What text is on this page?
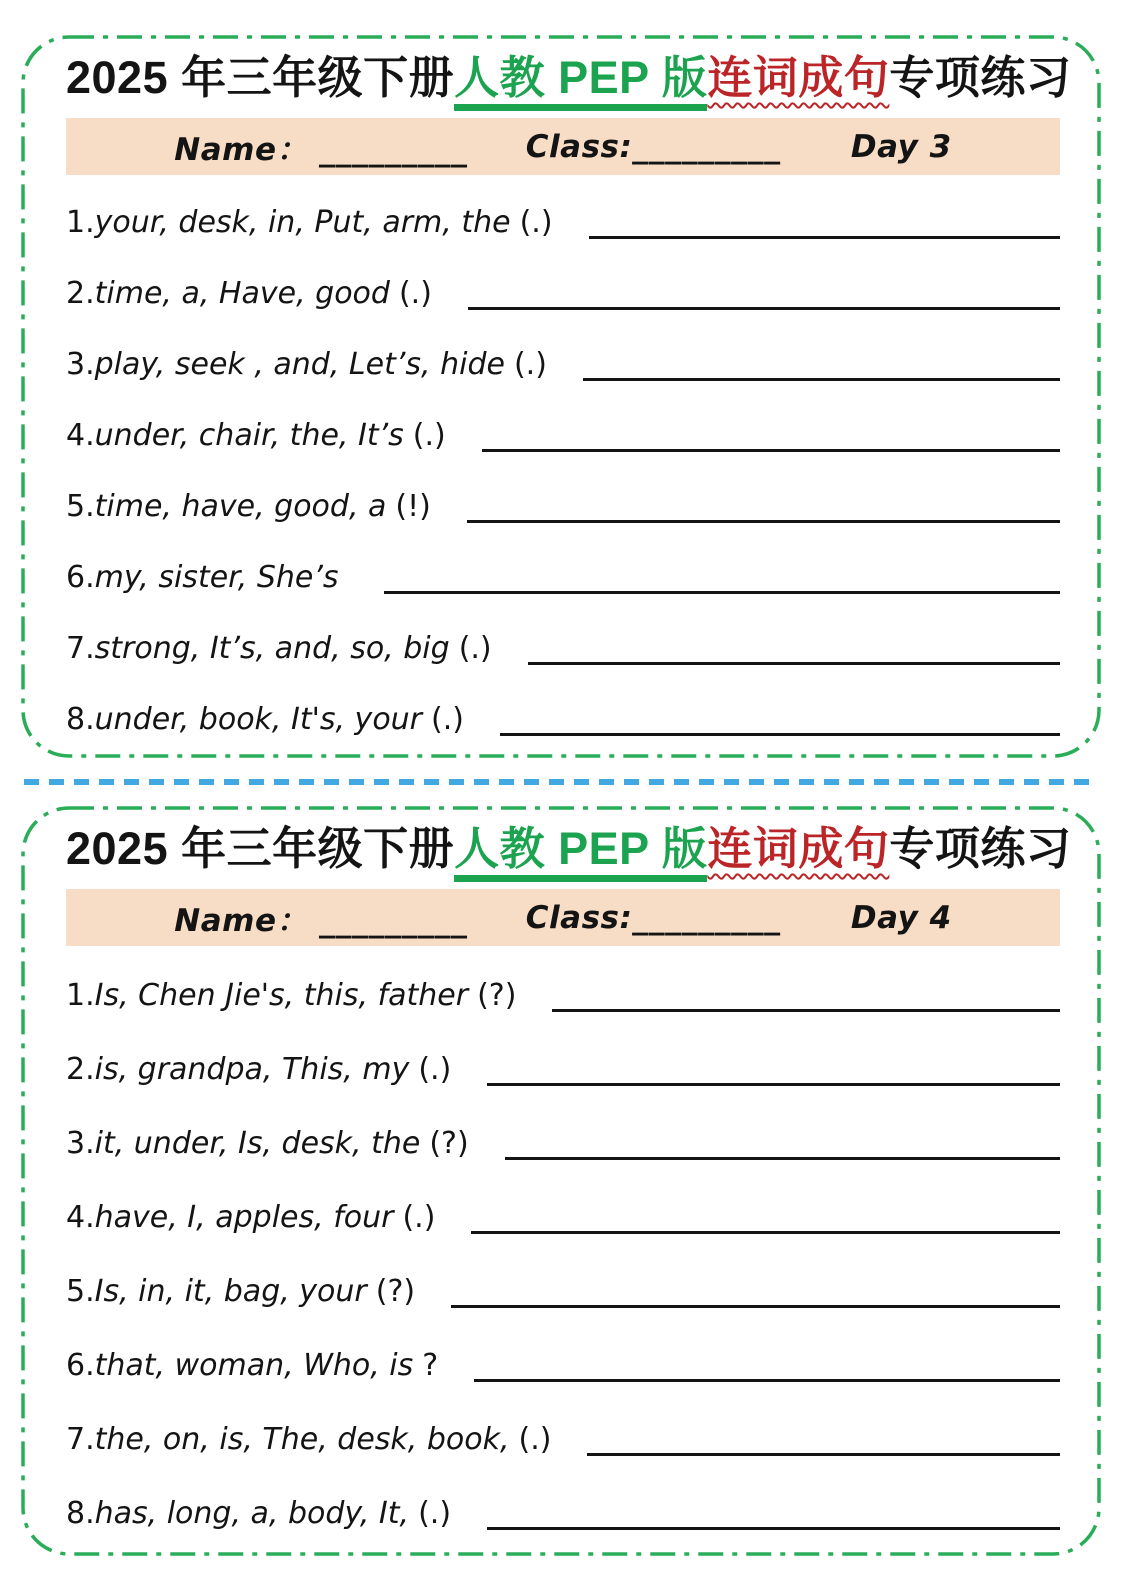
2025 年三年级下册人教 PEP 版连词成句专项练习
Name： _________ Class:_________ Day 3
1. your, desk, in, Put, arm, the (.)
2. time, a, Have, good (.)
3. play, seek , and, Let’s, hide (.)
4. under, chair, the, It’s (.)
5. time, have, good, a (!)
6. my, sister, She’s
7. strong, It’s, and, so, big (.)
8. under, book, It's, your (.)
2025 年三年级下册人教 PEP 版连词成句专项练习
Name： _________ Class:_________ Day 4
1. Is, Chen Jie's, this, father (?)
2. is, grandpa, This, my (.)
3. it, under, Is, desk, the (?)
4. have, I, apples, four (.)
5. Is, in, it, bag, your (?)
6. that, woman, Who, is ?
7. the, on, is, The, desk, book, (.)
8. has, long, a, body, It, (.)
